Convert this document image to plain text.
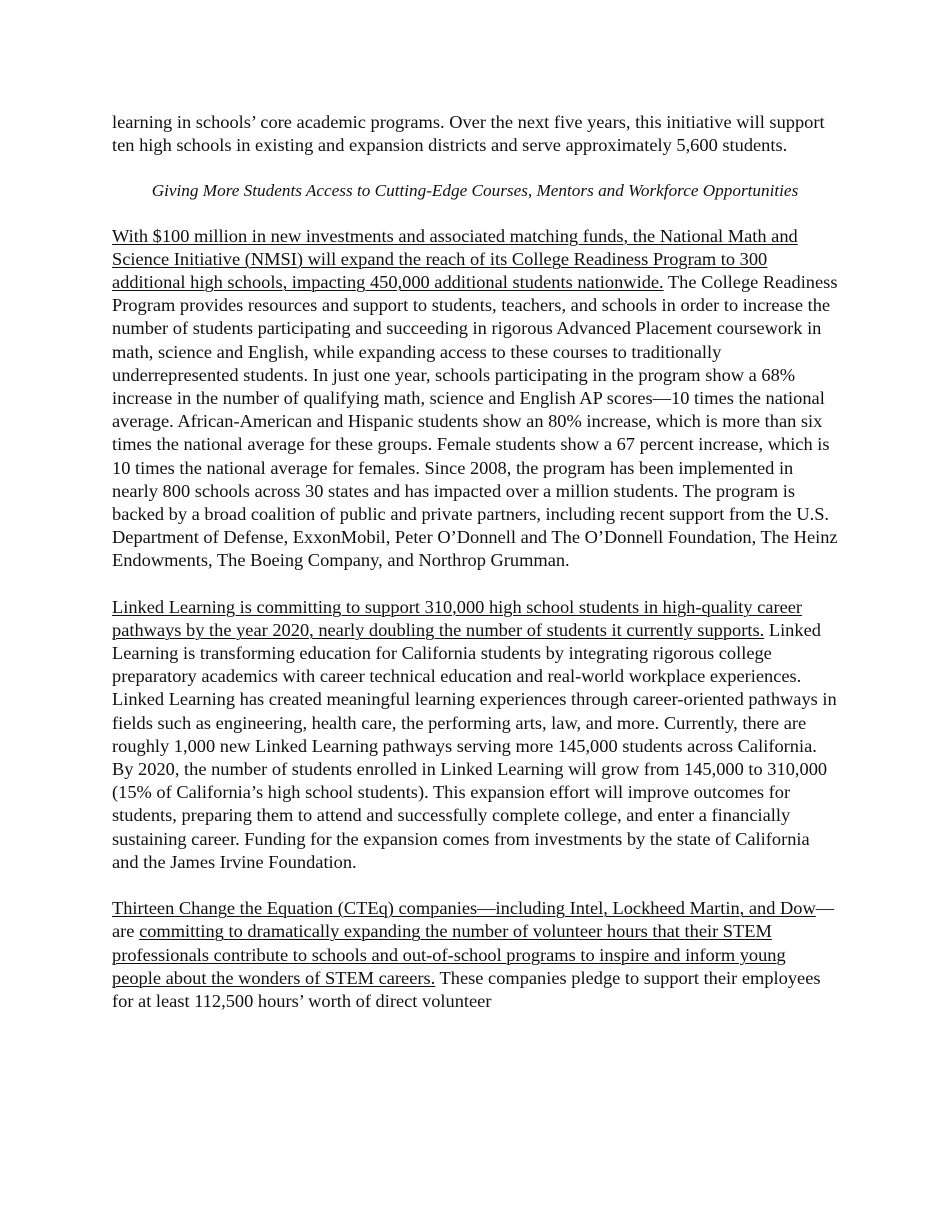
learning in schools’ core academic programs. Over the next five years, this initiative will support ten high schools in existing and expansion districts and serve approximately 5,600 students.

Giving More Students Access to Cutting-Edge Courses, Mentors and Workforce Opportunities

With $100 million in new investments and associated matching funds, the National Math and Science Initiative (NMSI) will expand the reach of its College Readiness Program to 300 additional high schools, impacting 450,000 additional students nationwide. The College Readiness Program provides resources and support to students, teachers, and schools in order to increase the number of students participating and succeeding in rigorous Advanced Placement coursework in math, science and English, while expanding access to these courses to traditionally underrepresented students. In just one year, schools participating in the program show a 68% increase in the number of qualifying math, science and English AP scores—10 times the national average. African-American and Hispanic students show an 80% increase, which is more than six times the national average for these groups. Female students show a 67 percent increase, which is 10 times the national average for females. Since 2008, the program has been implemented in nearly 800 schools across 30 states and has impacted over a million students. The program is backed by a broad coalition of public and private partners, including recent support from the U.S. Department of Defense, ExxonMobil, Peter O’Donnell and The O’Donnell Foundation, The Heinz Endowments, The Boeing Company, and Northrop Grumman.

Linked Learning is committing to support 310,000 high school students in high-quality career pathways by the year 2020, nearly doubling the number of students it currently supports. Linked Learning is transforming education for California students by integrating rigorous college preparatory academics with career technical education and real-world workplace experiences. Linked Learning has created meaningful learning experiences through career-oriented pathways in fields such as engineering, health care, the performing arts, law, and more. Currently, there are roughly 1,000 new Linked Learning pathways serving more 145,000 students across California. By 2020, the number of students enrolled in Linked Learning will grow from 145,000 to 310,000 (15% of California’s high school students). This expansion effort will improve outcomes for students, preparing them to attend and successfully complete college, and enter a financially sustaining career. Funding for the expansion comes from investments by the state of California and the James Irvine Foundation.

Thirteen Change the Equation (CTEq) companies—including Intel, Lockheed Martin, and Dow—are committing to dramatically expanding the number of volunteer hours that their STEM professionals contribute to schools and out-of-school programs to inspire and inform young people about the wonders of STEM careers. These companies pledge to support their employees for at least 112,500 hours’ worth of direct volunteer
